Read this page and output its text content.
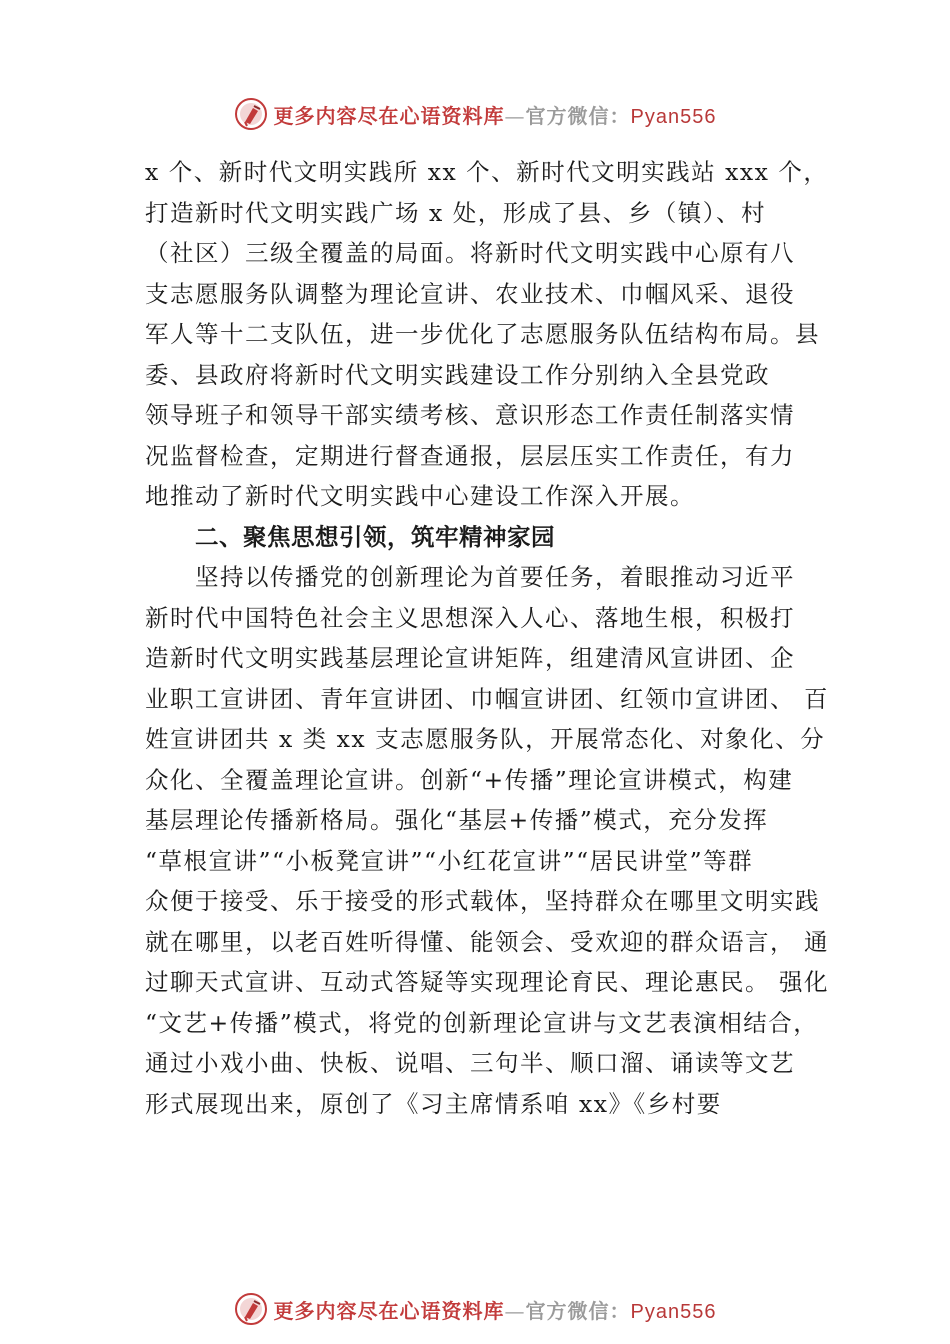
更多内容尽在心语资料库—官方微信：Pyan556
x 个、新时代文明实践所 xx 个、新时代文明实践站 xxx 个，
打造新时代文明实践广场 x 处，形成了县、乡（镇）、村
（社区）三级全覆盖的局面。将新时代文明实践中心原有八
支志愿服务队调整为理论宣讲、农业技术、巾帼风采、退役
军人等十二支队伍，进一步优化了志愿服务队伍结构布局。县
委、县政府将新时代文明实践建设工作分别纳入全县党政
领导班子和领导干部实绩考核、意识形态工作责任制落实情
况监督检查，定期进行督查通报，层层压实工作责任，有力
地推动了新时代文明实践中心建设工作深入开展。
二、聚焦思想引领，筑牢精神家园
坚持以传播党的创新理论为首要任务，着眼推动习近平
新时代中国特色社会主义思想深入人心、落地生根，积极打
造新时代文明实践基层理论宣讲矩阵，组建清风宣讲团、企
业职工宣讲团、青年宣讲团、巾帼宣讲团、红领巾宣讲团、 百
姓宣讲团共 x 类 xx 支志愿服务队，开展常态化、对象化、分
众化、全覆盖理论宣讲。创新“+传播”理论宣讲模式，构建
基层理论传播新格局。强化“基层+传播”模式，充分发挥
“草根宣讲”“小板凳宣讲”“小红花宣讲”“居民讲堂”等群
众便于接受、乐于接受的形式载体，坚持群众在哪里文明实践
就在哪里，以老百姓听得懂、能领会、受欢迎的群众语言， 通
过聊天式宣讲、互动式答疑等实现理论育民、理论惠民。 强化
“文艺+传播”模式，将党的创新理论宣讲与文艺表演相结合，
通过小戏小曲、快板、说唱、三句半、顺口溜、诵读等文艺
形式展现出来，原创了《习主席情系咱 xx》《乡村要
更多内容尽在心语资料库—官方微信：Pyan556
